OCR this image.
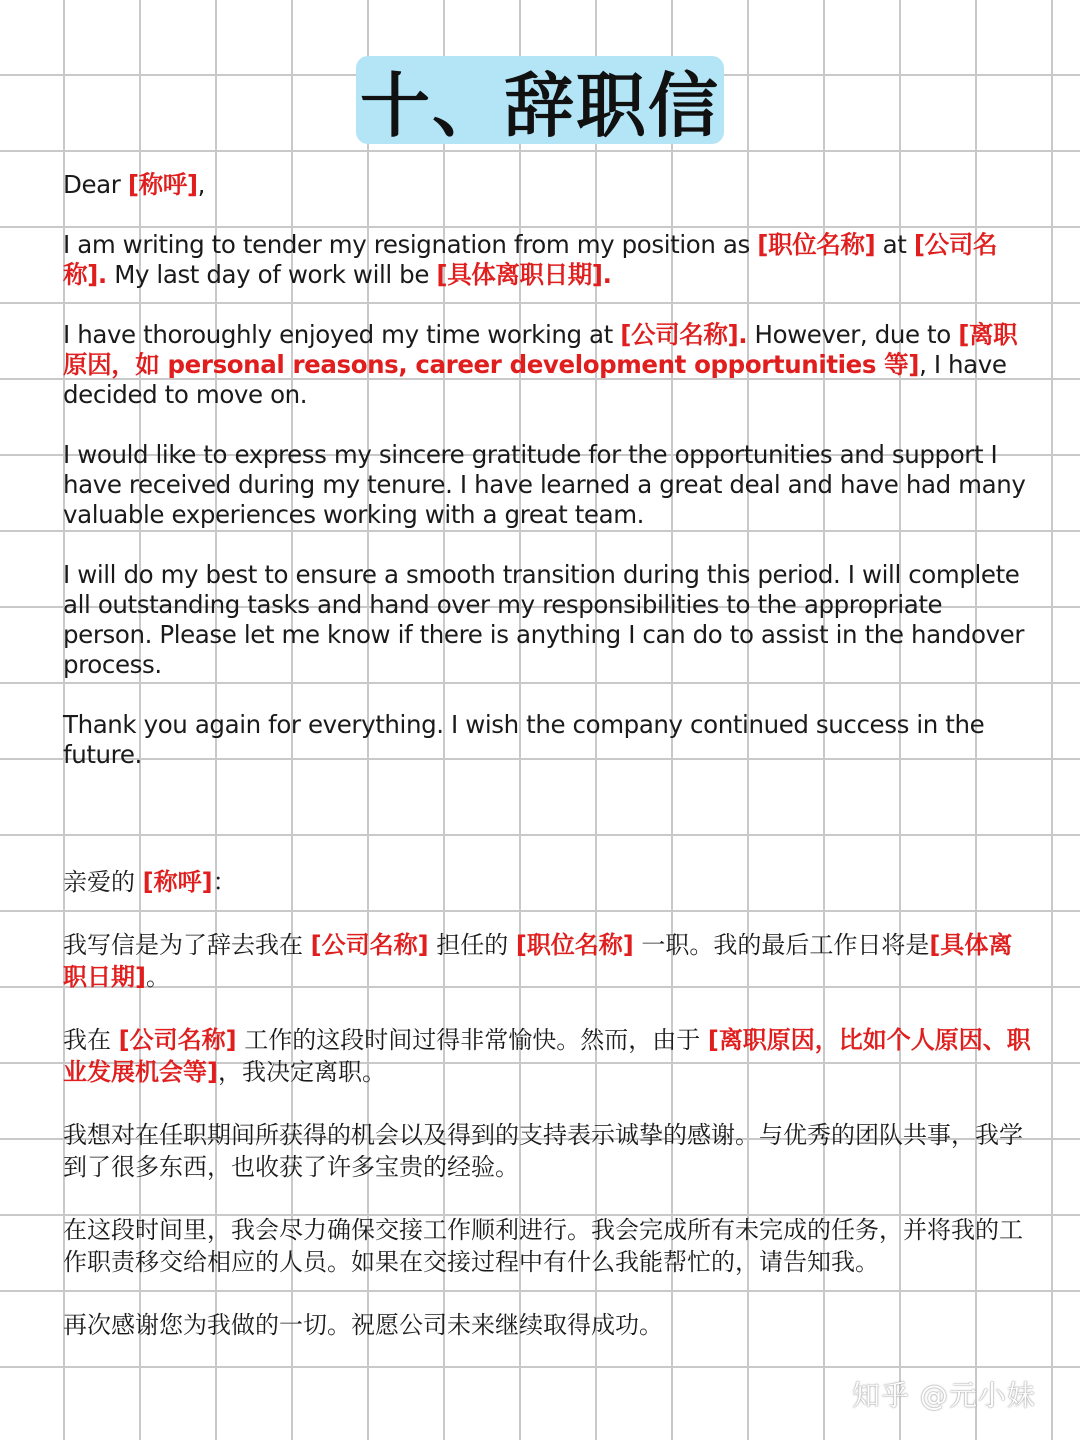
十、辞职信

Dear [称呼],

I am writing to tender my resignation from my position as [职位名称] at [公司名称]. My last day of work will be [具体离职日期].

I have thoroughly enjoyed my time working at [公司名称]. However, due to [离职原因，如 personal reasons, career development opportunities 等], I have decided to move on.

I would like to express my sincere gratitude for the opportunities and support I have received during my tenure. I have learned a great deal and have had many valuable experiences working with a great team.

I will do my best to ensure a smooth transition during this period. I will complete all outstanding tasks and hand over my responsibilities to the appropriate person. Please let me know if there is anything I can do to assist in the handover process.

Thank you again for everything. I wish the company continued success in the future.

亲爱的 [称呼]：

我写信是为了辞去我在 [公司名称] 担任的 [职位名称] 一职。我的最后工作日将是[具体离职日期]。

我在 [公司名称] 工作的这段时间过得非常愉快。然而，由于 [离职原因，比如个人原因、职业发展机会等]，我决定离职。

我想对在任职期间所获得的机会以及得到的支持表示诚挚的感谢。与优秀的团队共事，我学到了很多东西，也收获了许多宝贵的经验。

在这段时间里，我会尽力确保交接工作顺利进行。我会完成所有未完成的任务，并将我的工作职责移交给相应的人员。如果在交接过程中有什么我能帮忙的，请告知我。

再次感谢您为我做的一切。祝愿公司未来继续取得成功。

知乎 @元小妹
